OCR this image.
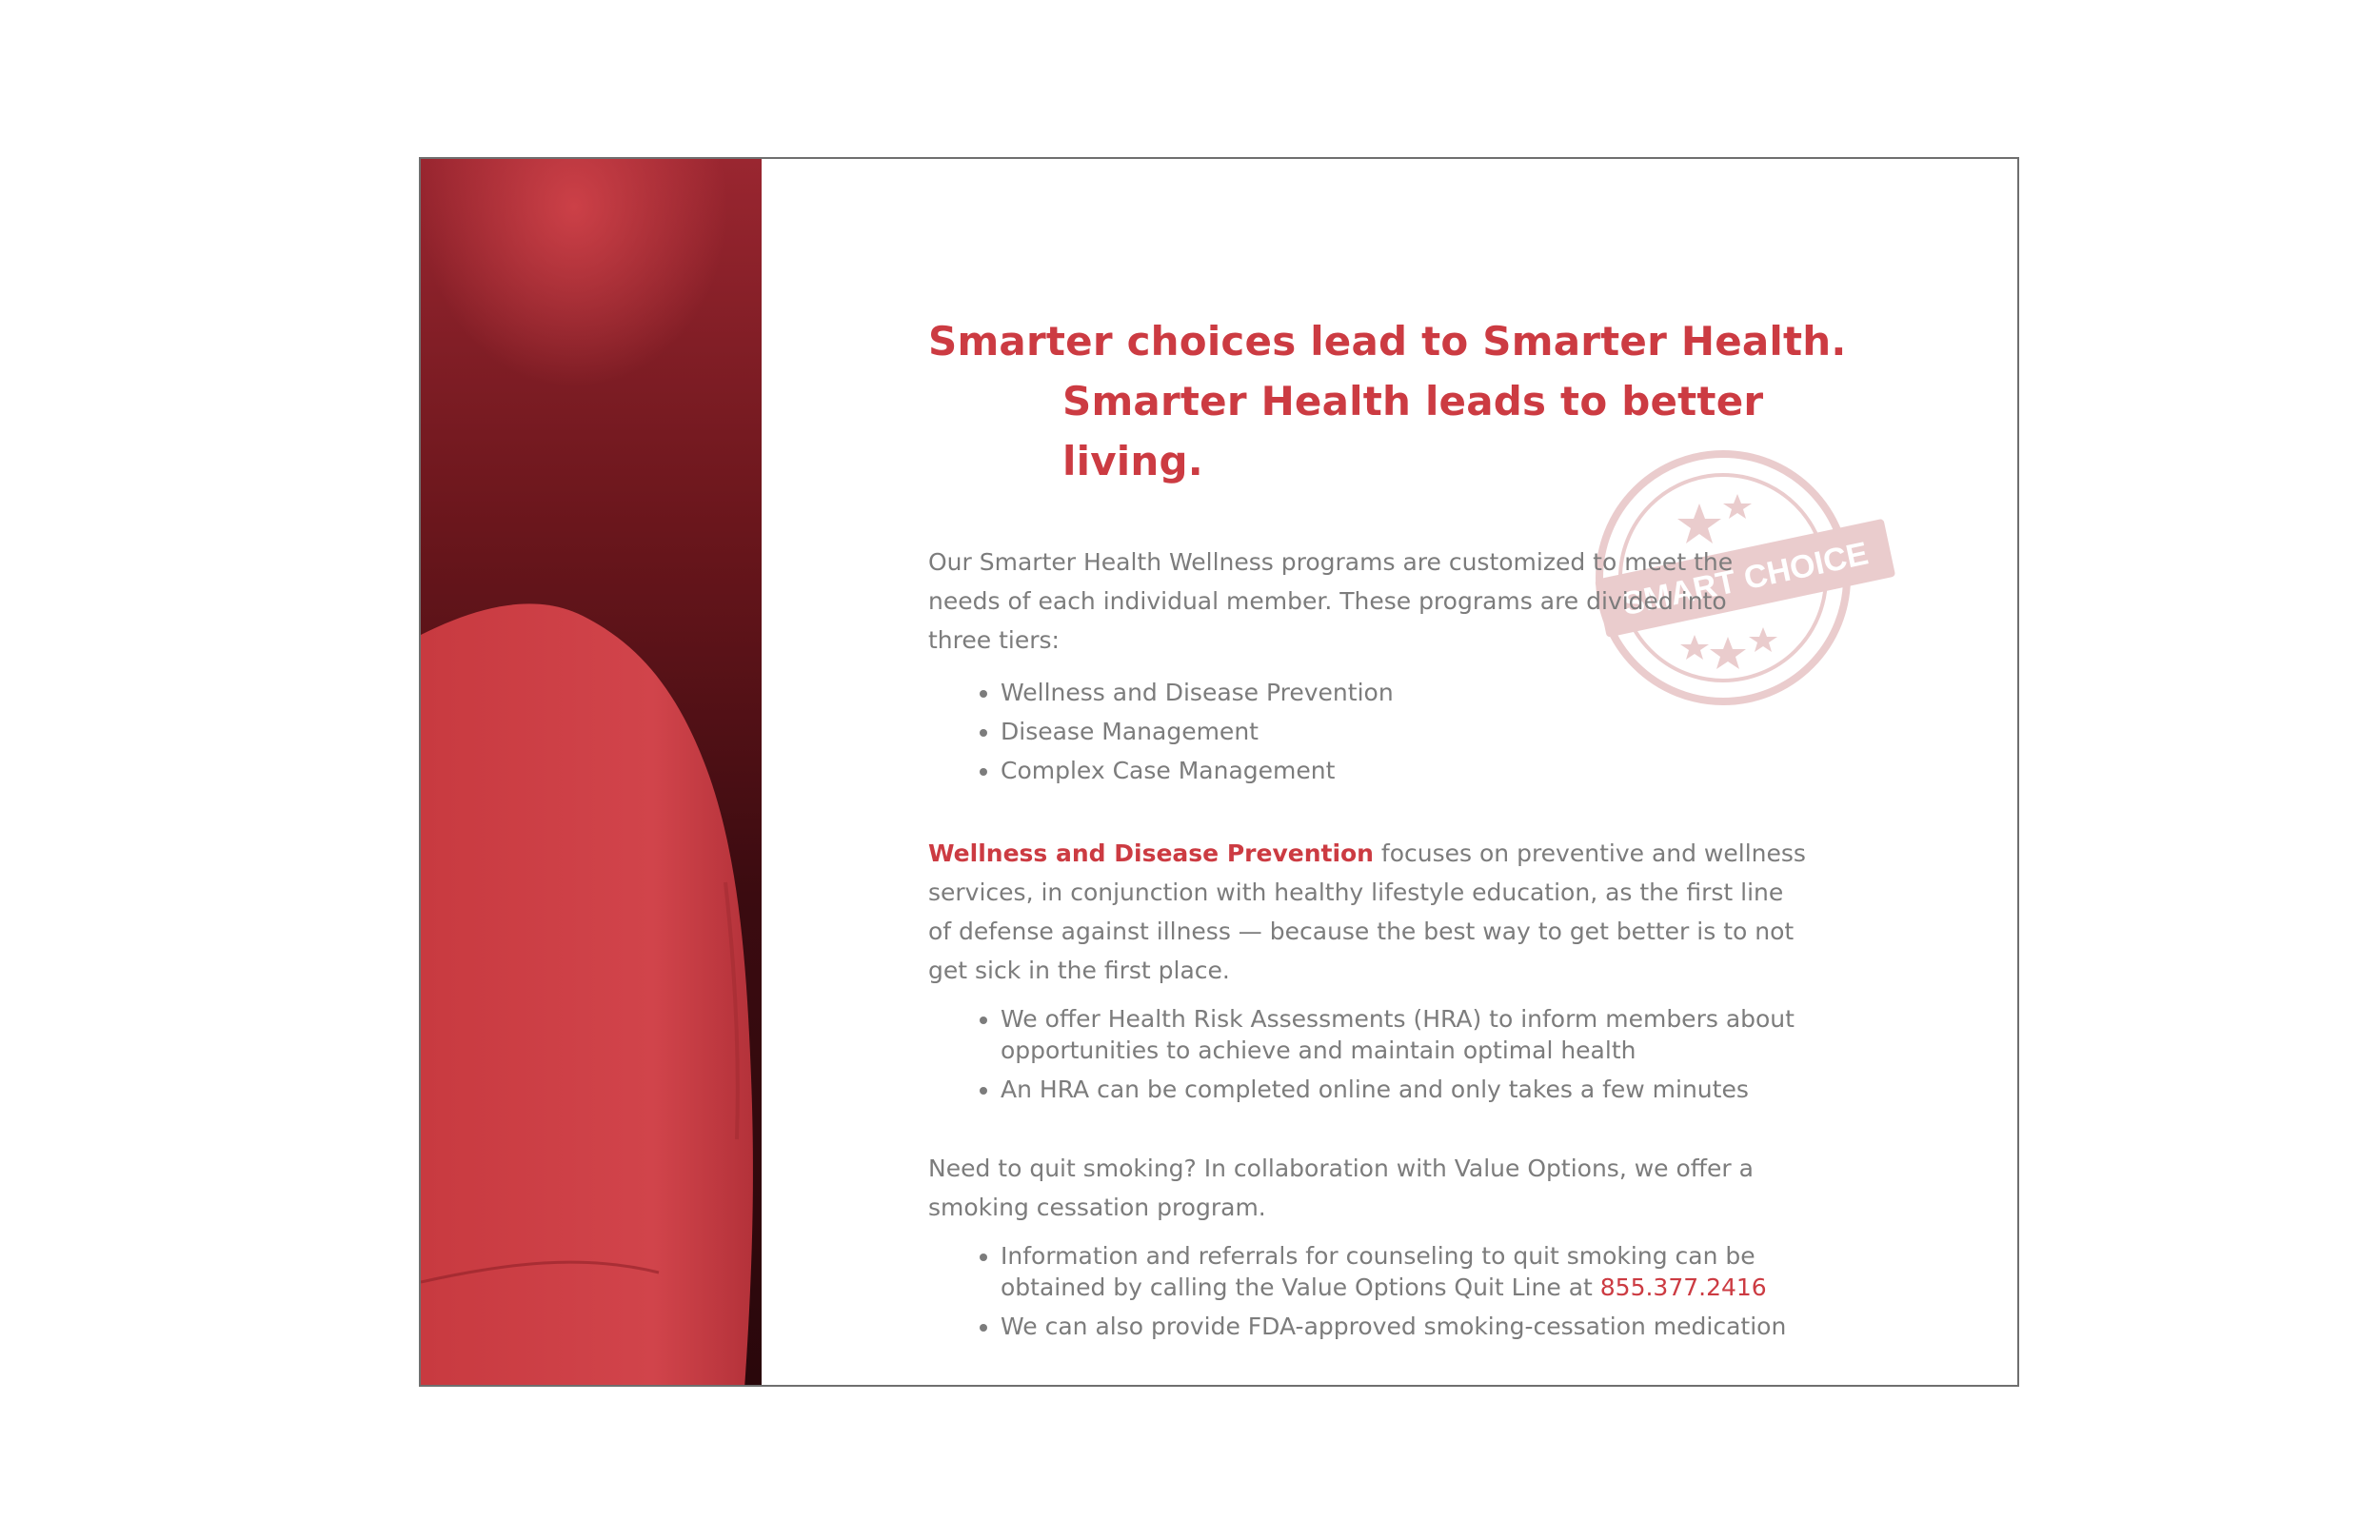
SMART CHOICE
Smarter choices lead to Smarter Health.
Smarter Health leads to better living.

Our Smarter Health Wellness programs are customized to meet the needs of each individual member. These programs are divided into three tiers:

• Wellness and Disease Prevention
• Disease Management
• Complex Case Management

Wellness and Disease Prevention focuses on preventive and wellness services, in conjunction with healthy lifestyle education, as the first line of defense against illness — because the best way to get better is to not get sick in the first place.

• We offer Health Risk Assessments (HRA) to inform members about opportunities to achieve and maintain optimal health
• An HRA can be completed online and only takes a few minutes

Need to quit smoking? In collaboration with Value Options, we offer a smoking cessation program.

• Information and referrals for counseling to quit smoking can be obtained by calling the Value Options Quit Line at 855.377.2416
• We can also provide FDA-approved smoking-cessation medication
